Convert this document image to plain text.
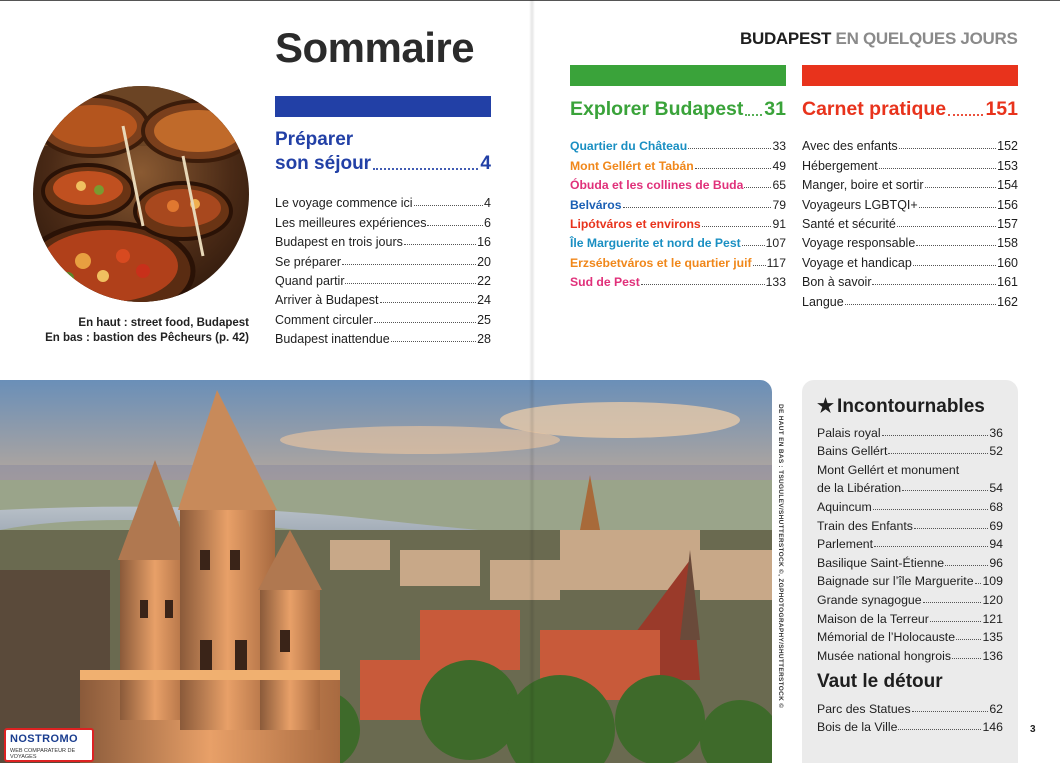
Sommaire	BUDAPEST EN QUELQUES JOURS
En haut : street food, Budapest
En bas : bastion des Pêcheurs (p. 42)
Préparer
son séjour	4
Le voyage commence ici	4
Les meilleures expériences	6
Budapest en trois jours	16
Se préparer	20
Quand partir	22
Arriver à Budapest	24
Comment circuler	25
Budapest inattendue	28
Explorer Budapest 31
Quartier du Château	33
Mont Gellért et Tabán	49
Óbuda et les collines de Buda 65
Belváros	79
Lipótváros et environs	91
Île Marguerite et nord de Pest 107
Erzsébetváros et le quartier juif 117
Sud de Pest	133
Carnet pratique 151
Avec des enfants	152
Hébergement	153
Manger, boire et sortir	154
Voyageurs LGBTQI+	156
Santé et sécurité	157
Voyage responsable	158
Voyage et handicap	160
Bon à savoir	161
Langue	162
DE HAUT EN BAS : TSUGULEV/SHUTTERSTOCK ©, ZGPHOTOGRAPHY/SHUTTERSTOCK © ★ Incontournables
Palais royal	36
Bains Gellért	52
Mont Gellért et monument
de la Libération	54
Aquincum	68
Train des Enfants	69
Parlement	94
Basilique Saint-Étienne	96
Baignade sur l’île Marguerite 109
Grande synagogue	120
Maison de la Terreur	121
Mémorial de l’Holocauste 135
Musée national hongrois	136
Vaut le détour
Parc des Statues	62
Bois de la Ville	146	3
NOSTROMO
WEB COMPARATEUR DE VOYAGES
